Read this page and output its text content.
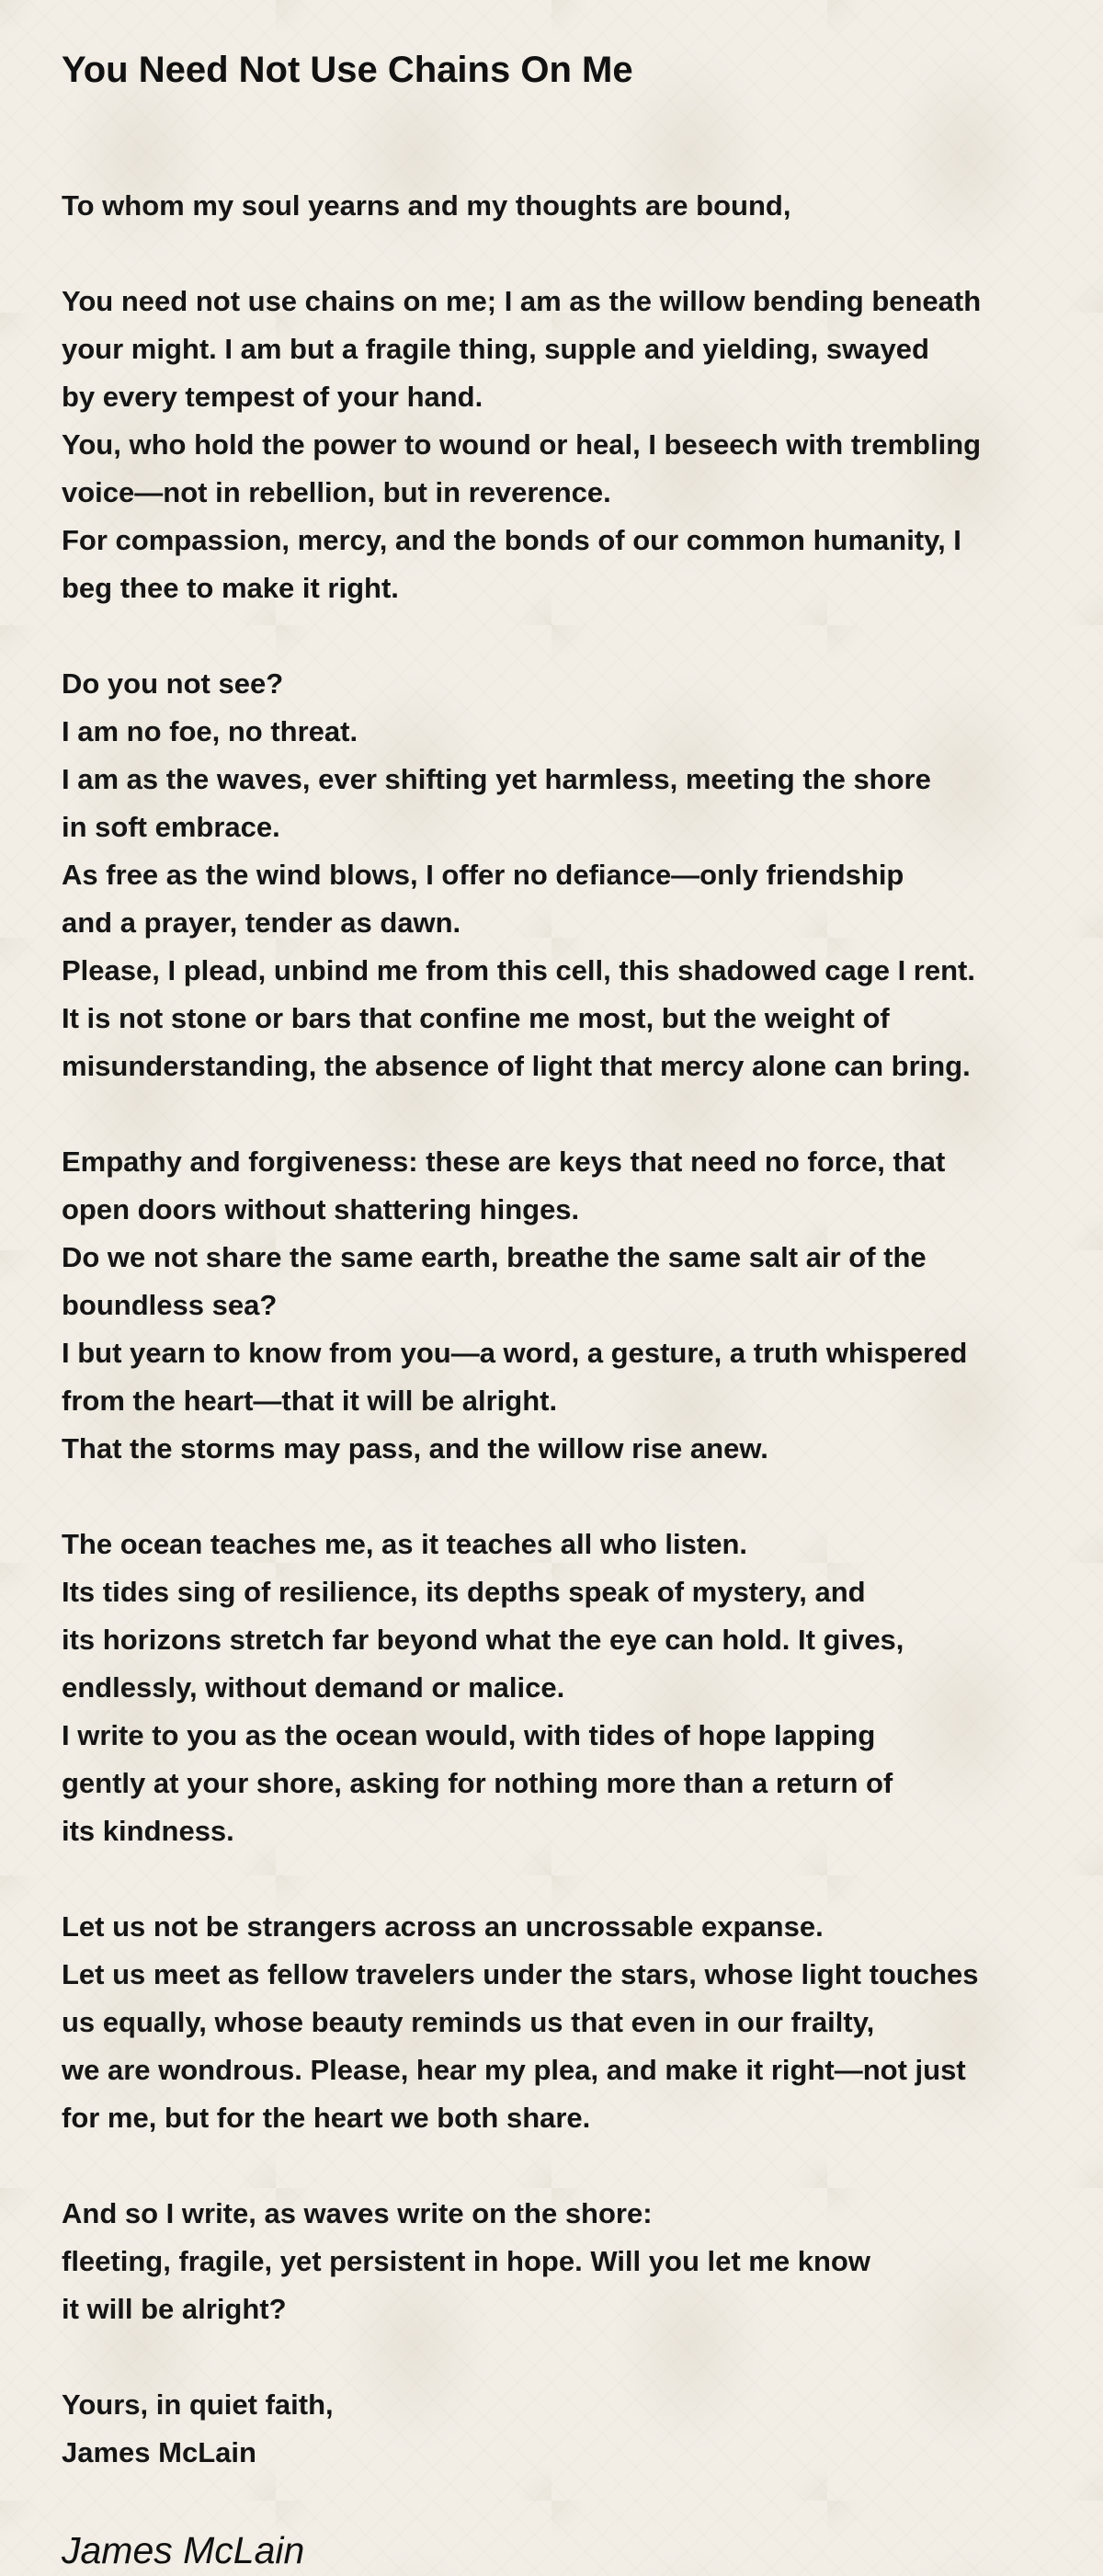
You Need Not Use Chains On Me
To whom my soul yearns and my thoughts are bound,
You need not use chains on me; I am as the willow bending beneath
your might. I am but a fragile thing, supple and yielding, swayed
by every tempest of your hand.
You, who hold the power to wound or heal, I beseech with trembling
voice—not in rebellion, but in reverence.
For compassion, mercy, and the bonds of our common humanity, I
beg thee to make it right.
Do you not see?
I am no foe, no threat.
I am as the waves, ever shifting yet harmless, meeting the shore
in soft embrace.
As free as the wind blows, I offer no defiance—only friendship
and a prayer, tender as dawn.
Please, I plead, unbind me from this cell, this shadowed cage I rent.
It is not stone or bars that confine me most, but the weight of
misunderstanding, the absence of light that mercy alone can bring.
Empathy and forgiveness: these are keys that need no force, that
open doors without shattering hinges.
Do we not share the same earth, breathe the same salt air of the
boundless sea?
I but yearn to know from you—a word, a gesture, a truth whispered
from the heart—that it will be alright.
That the storms may pass, and the willow rise anew.
The ocean teaches me, as it teaches all who listen.
Its tides sing of resilience, its depths speak of mystery, and
its horizons stretch far beyond what the eye can hold. It gives,
endlessly, without demand or malice.
I write to you as the ocean would, with tides of hope lapping
gently at your shore, asking for nothing more than a return of
its kindness.
Let us not be strangers across an uncrossable expanse.
Let us meet as fellow travelers under the stars, whose light touches
us equally, whose beauty reminds us that even in our frailty,
we are wondrous. Please, hear my plea, and make it right—not just
for me, but for the heart we both share.
And so I write, as waves write on the shore:
fleeting, fragile, yet persistent in hope. Will you let me know
it will be alright?
Yours, in quiet faith,
James McLain
James McLain
